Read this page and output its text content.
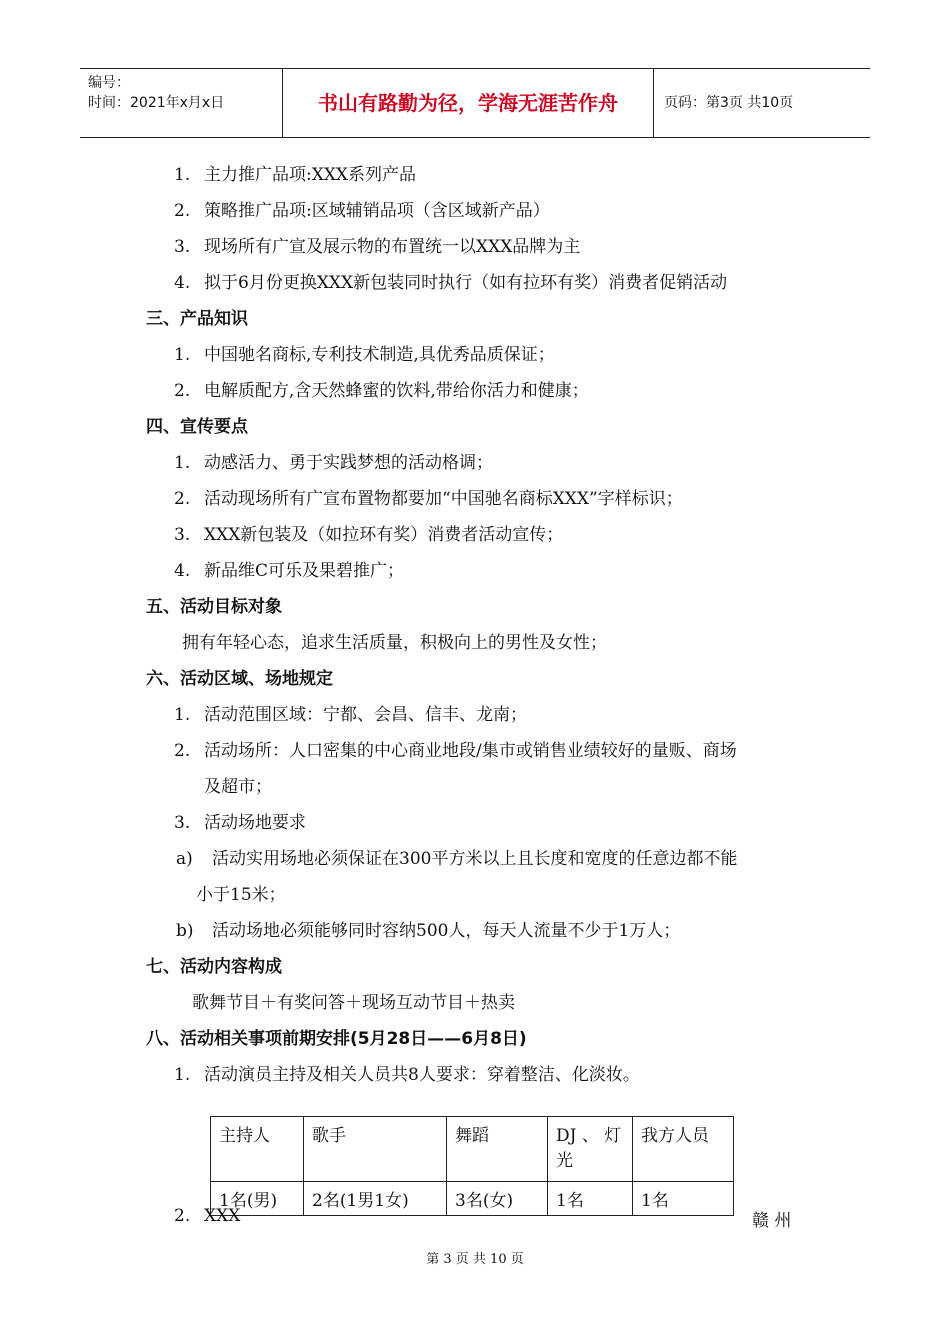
编号：
时间：2021年x月x日	书山有路勤为径，学海无涯苦作舟	页码：第3页 共10页
1. 主力推广品项:XXX系列产品
2. 策略推广品项:区域辅销品项（含区域新产品）
3. 现场所有广宣及展示物的布置统一以XXX品牌为主
4. 拟于6月份更换XXX新包装同时执行（如有拉环有奖）消费者促销活动
三、产品知识
1. 中国驰名商标,专利技术制造,具优秀品质保证；
2. 电解质配方,含天然蜂蜜的饮料,带给你活力和健康；
四、宣传要点
1. 动感活力、勇于实践梦想的活动格调；
2. 活动现场所有广宣布置物都要加“中国驰名商标XXX”字样标识；
3. XXX新包装及（如拉环有奖）消费者活动宣传；
4. 新品维C可乐及果碧推广；
五、活动目标对象
拥有年轻心态，追求生活质量，积极向上的男性及女性；
六、活动区域、场地规定
1. 活动范围区域：宁都、会昌、信丰、龙南；
2. 活动场所：人口密集的中心商业地段/集市或销售业绩较好的量贩、商场
及超市；
3. 活动场地要求
a) 活动实用场地必须保证在300平方米以上且长度和宽度的任意边都不能
小于15米；
b) 活动场地必须能够同时容纳500人，每天人流量不少于1万人；
七、活动内容构成
歌舞节目＋有奖问答＋现场互动节目＋热卖
八、活动相关事项前期安排(5月28日——6月8日)
1. 活动演员主持及相关人员共8人要求：穿着整洁、化淡妆。
主持人	歌手	舞蹈	DJ 、 灯光	我方人员
1名(男)	2名(1男1女)	3名(女)	1名	1名
2. XXX	赣 州
第 3 页 共 10 页
